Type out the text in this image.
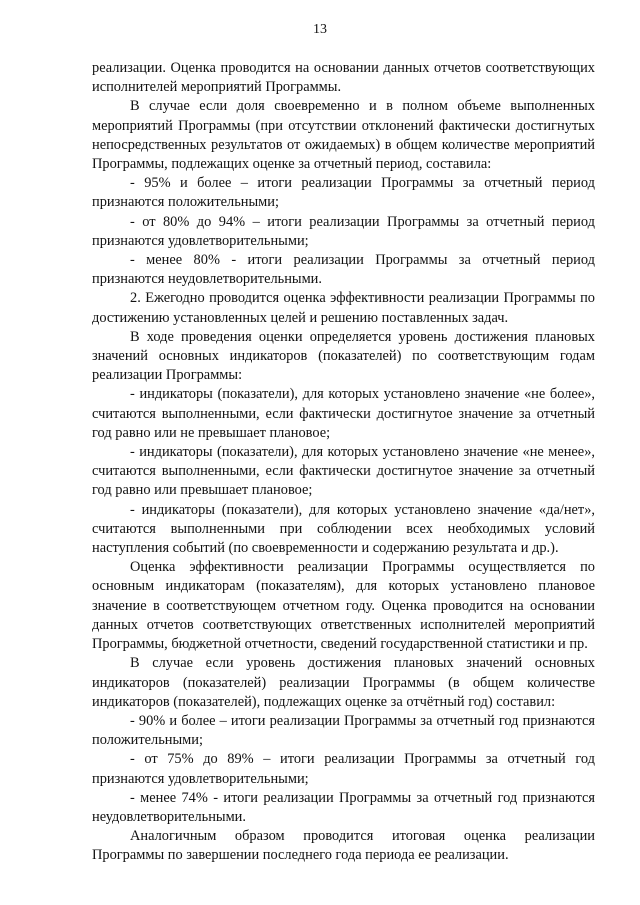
13

реализации. Оценка проводится на основании данных отчетов соответствующих исполнителей мероприятий Программы.

В случае если доля своевременно и в полном объеме выполненных мероприятий Программы (при отсутствии отклонений фактически достигнутых непосредственных результатов от ожидаемых) в общем количестве мероприятий Программы, подлежащих оценке за отчетный период, составила:

- 95% и более – итоги реализации Программы за отчетный период признаются положительными;

- от 80% до 94% – итоги реализации Программы за отчетный период признаются удовлетворительными;

- менее 80% - итоги реализации Программы за отчетный период признаются неудовлетворительными.

2. Ежегодно проводится оценка эффективности реализации Программы по достижению установленных целей и решению поставленных задач.

В ходе проведения оценки определяется уровень достижения плановых значений основных индикаторов (показателей) по соответствующим годам реализации Программы:

- индикаторы (показатели), для которых установлено значение «не более», считаются выполненными, если фактически достигнутое значение за отчетный год равно или не превышает плановое;

- индикаторы (показатели), для которых установлено значение «не менее», считаются выполненными, если фактически достигнутое значение за отчетный год равно или превышает плановое;

- индикаторы (показатели), для которых установлено значение «да/нет», считаются выполненными при соблюдении всех необходимых условий наступления событий (по своевременности и содержанию результата и др.).

Оценка эффективности реализации Программы осуществляется по основным индикаторам (показателям), для которых установлено плановое значение в соответствующем отчетном году. Оценка проводится на основании данных отчетов соответствующих ответственных исполнителей мероприятий Программы, бюджетной отчетности, сведений государственной статистики и пр.

В случае если уровень достижения плановых значений основных индикаторов (показателей) реализации Программы (в общем количестве индикаторов (показателей), подлежащих оценке за отчётный год) составил:

- 90% и более – итоги реализации Программы за отчетный год признаются положительными;

- от 75% до 89% – итоги реализации Программы за отчетный год признаются удовлетворительными;

- менее 74% - итоги реализации Программы за отчетный год признаются неудовлетворительными.

Аналогичным образом проводится итоговая оценка реализации Программы по завершении последнего года периода ее реализации.
